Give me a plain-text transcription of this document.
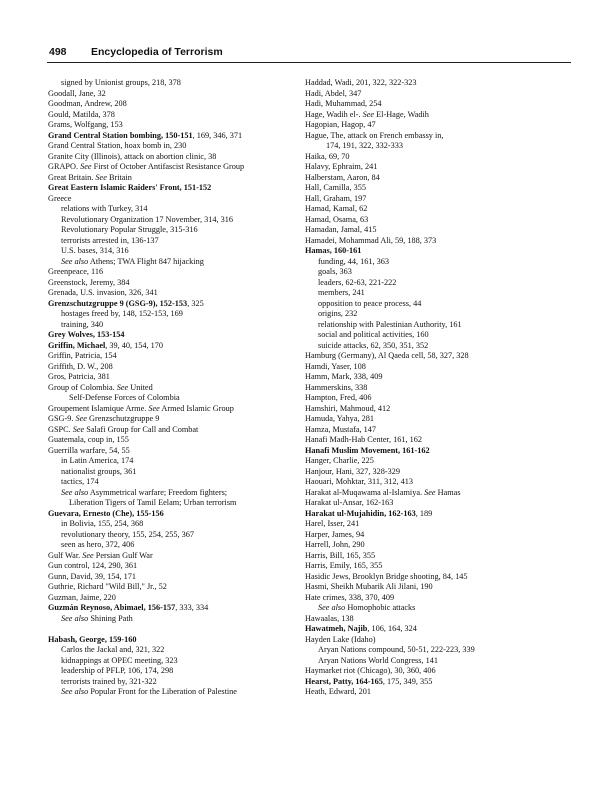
498 Encyclopedia of Terrorism
signed by Unionist groups, 218, 378
Goodall, Jane, 32
Goodman, Andrew, 208
Gould, Matilda, 378
Grams, Wolfgang, 153
Grand Central Station bombing, 150-151, 169, 346, 371
Grand Central Station, hoax bomb in, 230
Granite City (Illinois), attack on abortion clinic, 38
GRAPO. See First of October Antifascist Resistance Group
Great Britain. See Britain
Great Eastern Islamic Raiders' Front, 151-152
Greece
relations with Turkey, 314
Revolutionary Organization 17 November, 314, 316
Revolutionary Popular Struggle, 315-316
terrorists arrested in, 136-137
U.S. bases, 314, 316
See also Athens; TWA Flight 847 hijacking
Greenpeace, 116
Greenstock, Jeremy, 384
Grenada, U.S. invasion, 326, 341
Grenzschutzgruppe 9 (GSG-9), 152-153, 325
hostages freed by, 148, 152-153, 169
training, 340
Grey Wolves, 153-154
Griffin, Michael, 39, 40, 154, 170
Griffin, Patricia, 154
Griffith, D. W., 208
Gros, Patricia, 381
Group of Colombia. See United
Self-Defense Forces of Colombia
Groupement Islamique Arme. See Armed Islamic Group
GSG-9. See Grenzschutzgruppe 9
GSPC. See Salafi Group for Call and Combat
Guatemala, coup in, 155
Guerrilla warfare, 54, 55
in Latin America, 174
nationalist groups, 361
tactics, 174
See also Asymmetrical warfare; Freedom fighters;
Liberation Tigers of Tamil Eelam; Urban terrorism
Guevara, Ernesto (Che), 155-156
in Bolivia, 155, 254, 368
revolutionary theory, 155, 254, 255, 367
seen as hero, 372, 406
Gulf War. See Persian Gulf War
Gun control, 124, 290, 361
Gunn, David, 39, 154, 171
Guthrie, Richard "Wild Bill," Jr., 52
Guzman, Jaime, 220
Guzmán Reynoso, Abimael, 156-157, 333, 334
See also Shining Path
Habash, George, 159-160
Carlos the Jackal and, 321, 322
kidnappings at OPEC meeting, 323
leadership of PFLP, 106, 174, 298
terrorists trained by, 321-322
See also Popular Front for the Liberation of Palestine
Haddad, Wadi, 201, 322, 322-323
Hadi, Abdel, 347
Hadi, Muhammad, 254
Hage, Wadih el-. See El-Hage, Wadih
Hagopian, Hagop, 47
Hague, The, attack on French embassy in,
174, 191, 322, 332-333
Haika, 69, 70
Halavy, Ephraim, 241
Halberstam, Aaron, 84
Hall, Camilla, 355
Hall, Graham, 197
Hamad, Kamal, 62
Hamad, Osama, 63
Hamadan, Jamal, 415
Hamadei, Mohammad Ali, 59, 188, 373
Hamas, 160-161
funding, 44, 161, 363
goals, 363
leaders, 62-63, 221-222
members, 241
opposition to peace process, 44
origins, 232
relationship with Palestinian Authority, 161
social and political activities, 160
suicide attacks, 62, 350, 351, 352
Hamburg (Germany), Al Qaeda cell, 58, 327, 328
Hamdi, Yaser, 108
Hamm, Mark, 338, 409
Hammerskins, 338
Hampton, Fred, 406
Hamshiri, Mahmoud, 412
Hamuda, Yahya, 281
Hamza, Mustafa, 147
Hanafi Madh-Hab Center, 161, 162
Hanafi Muslim Movement, 161-162
Hanger, Charlie, 225
Hanjour, Hani, 327, 328-329
Haouari, Mohktar, 311, 312, 413
Harakat al-Muqawama al-Islamiya. See Hamas
Harakat ul-Ansar, 162-163
Harakat ul-Mujahidin, 162-163, 189
Harel, Isser, 241
Harper, James, 94
Harrell, John, 290
Harris, Bill, 165, 355
Harris, Emily, 165, 355
Hasidic Jews, Brooklyn Bridge shooting, 84, 145
Hasmi, Sheikh Mubarik Ali Jilani, 190
Hate crimes, 338, 370, 409
See also Homophobic attacks
Hawaalas, 138
Hawatmeh, Najib, 106, 164, 324
Hayden Lake (Idaho)
Aryan Nations compound, 50-51, 222-223, 339
Aryan Nations World Congress, 141
Haymarket riot (Chicago), 30, 360, 406
Hearst, Patty, 164-165, 175, 349, 355
Heath, Edward, 201
